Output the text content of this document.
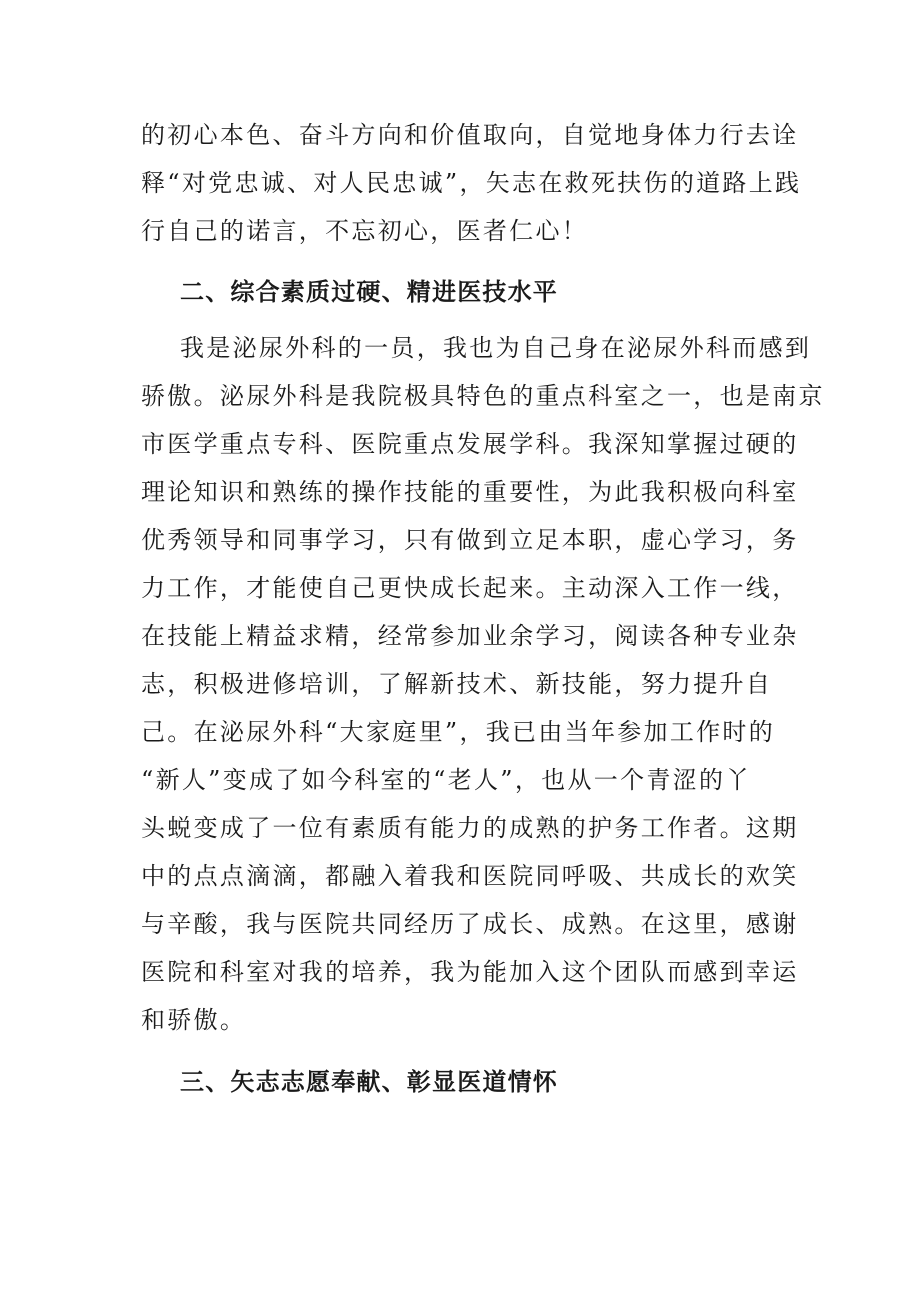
的初心本色、奋斗方向和价值取向，自觉地身体力行去诠
释“对党忠诚、对人民忠诚”，矢志在救死扶伤的道路上践
行自己的诺言，不忘初心，医者仁心！
二、综合素质过硬、精进医技水平
我是泌尿外科的一员，我也为自己身在泌尿外科而感到
骄傲。泌尿外科是我院极具特色的重点科室之一，也是南京
市医学重点专科、医院重点发展学科。我深知掌握过硬的
理论知识和熟练的操作技能的重要性，为此我积极向科室
优秀领导和同事学习，只有做到立足本职，虚心学习，务
力工作，才能使自己更快成长起来。主动深入工作一线，
在技能上精益求精，经常参加业余学习，阅读各种专业杂
志，积极进修培训，了解新技术、新技能，努力提升自
己。在泌尿外科“大家庭里”，我已由当年参加工作时的
“新人”变成了如今科室的“老人”，也从一个青涩的丫
头蜕变成了一位有素质有能力的成熟的护务工作者。这期
中的点点滴滴，都融入着我和医院同呼吸、共成长的欢笑
与辛酸，我与医院共同经历了成长、成熟。在这里，感谢
医院和科室对我的培养，我为能加入这个团队而感到幸运
和骄傲。
三、矢志志愿奉献、彰显医道情怀
